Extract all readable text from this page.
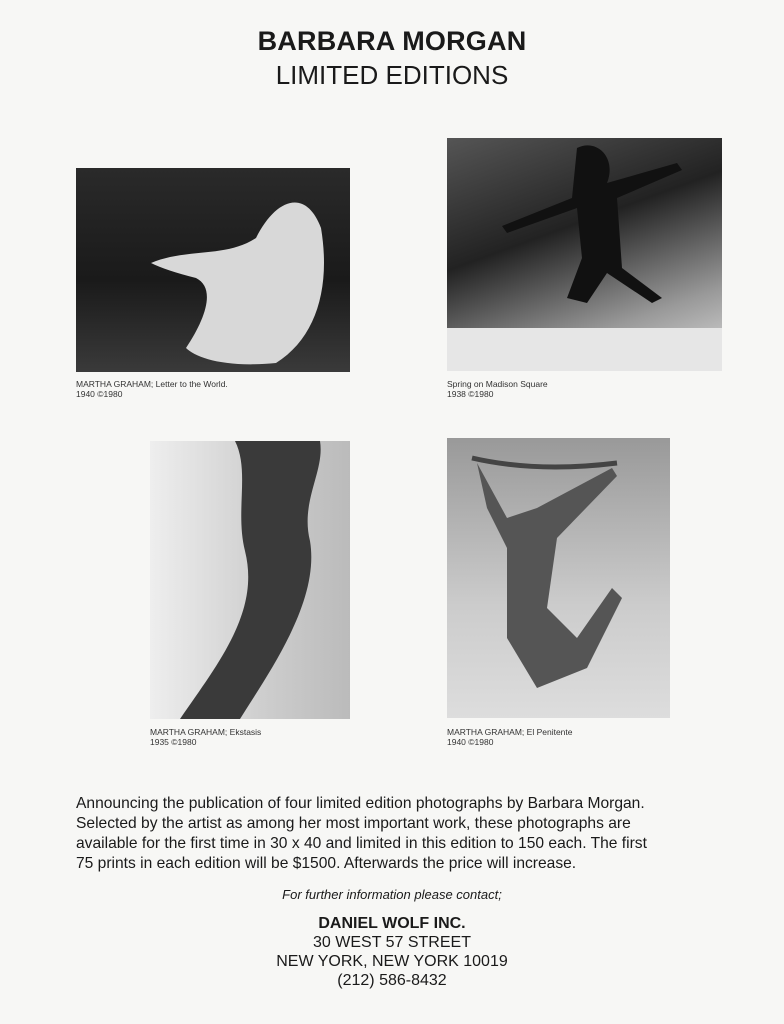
BARBARA MORGAN
LIMITED EDITIONS
MARTHA GRAHAM; Letter to the World.
1940 ©1980
Spring on Madison Square
1938 ©1980
MARTHA GRAHAM; Ekstasis
1935 ©1980
MARTHA GRAHAM; El Penitente
1940 ©1980
Announcing the publication of four limited edition photographs by Barbara Morgan.
Selected by the artist as among her most important work, these photographs are
available for the first time in 30 x 40 and limited in this edition to 150 each. The first
75 prints in each edition will be $1500. Afterwards the price will increase.
For further information please contact;
DANIEL WOLF INC.
30 WEST 57 STREET
NEW YORK, NEW YORK 10019
(212) 586-8432
